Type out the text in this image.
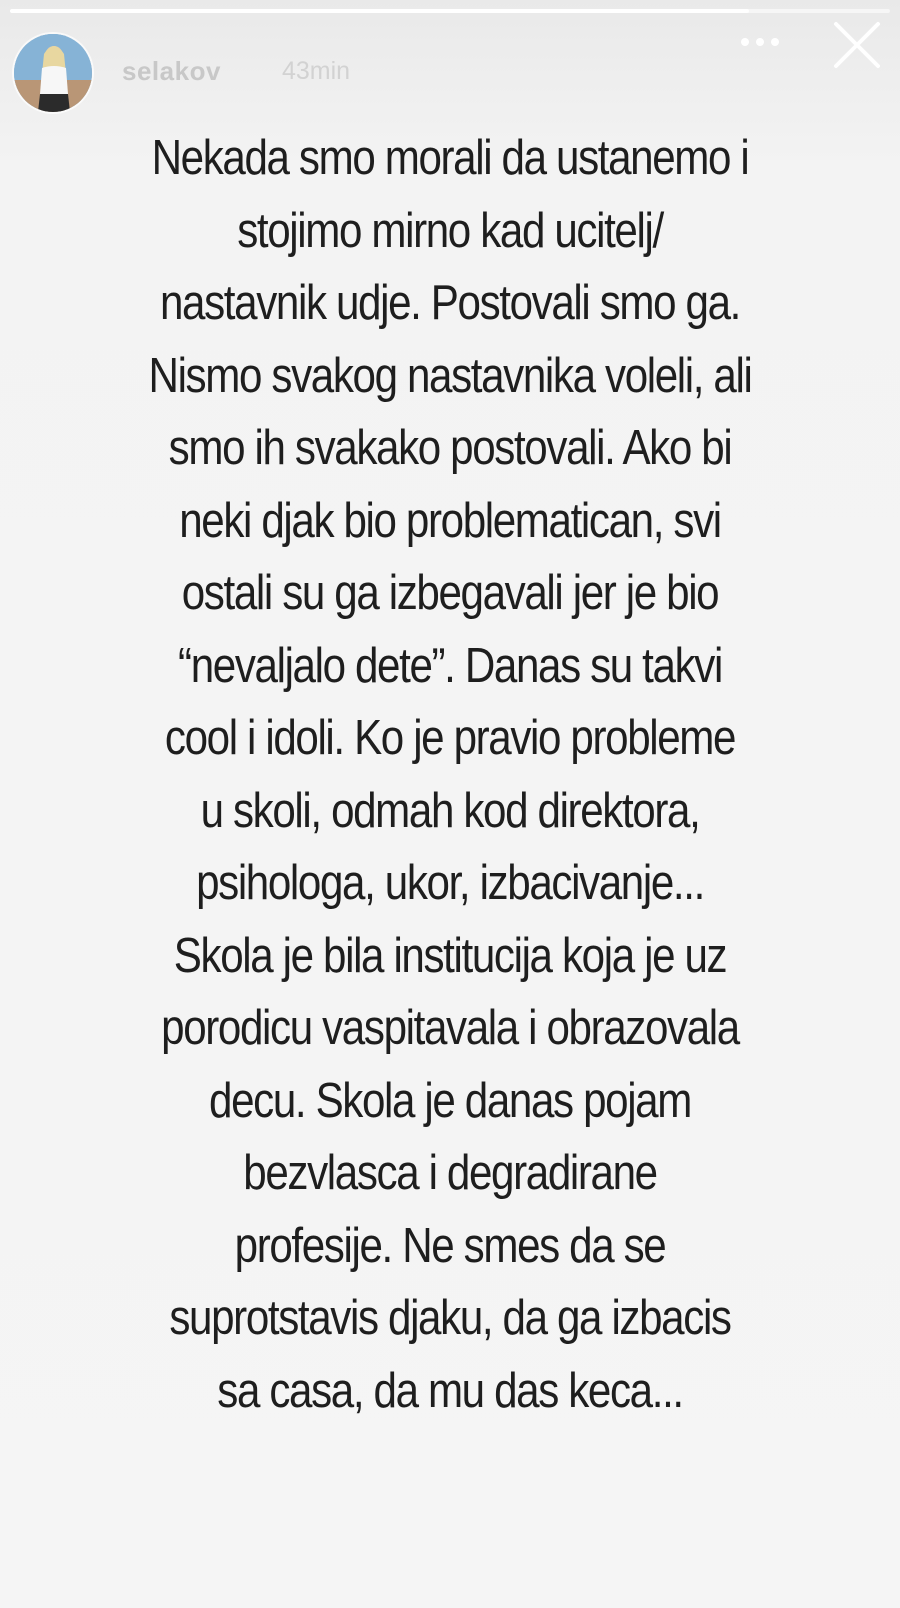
selakov 43min
Nekada smo morali da ustanemo i
stojimo mirno kad ucitelj/
nastavnik udje. Postovali smo ga.
Nismo svakog nastavnika voleli, ali
smo ih svakako postovali. Ako bi
neki djak bio problematican, svi
ostali su ga izbegavali jer je bio
“nevaljalo dete”. Danas su takvi
cool i idoli. Ko je pravio probleme
u skoli, odmah kod direktora,
psihologa, ukor, izbacivanje...
Skola je bila institucija koja je uz
porodicu vaspitavala i obrazovala
decu. Skola je danas pojam
bezvlasca i degradirane
profesije. Ne smes da se
suprotstavis djaku, da ga izbacis
sa casa, da mu das keca...
